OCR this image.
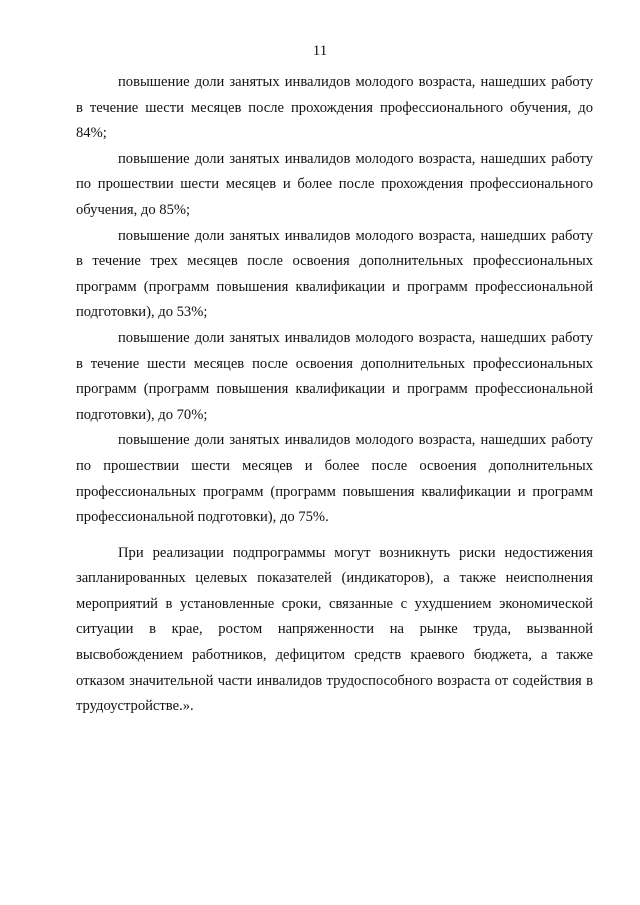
11

повышение доли занятых инвалидов молодого возраста, нашедших работу в течение шести месяцев после прохождения профессионального обучения, до 84%;

повышение доли занятых инвалидов молодого возраста, нашедших работу по прошествии шести месяцев и более после прохождения профессионального обучения, до 85%;

повышение доли занятых инвалидов молодого возраста, нашедших работу в течение трех месяцев после освоения дополнительных профессиональных программ (программ повышения квалификации и программ профессиональной подготовки), до 53%;

повышение доли занятых инвалидов молодого возраста, нашедших работу в течение шести месяцев после освоения дополнительных профессиональных программ (программ повышения квалификации и программ профессиональной подготовки), до 70%;

повышение доли занятых инвалидов молодого возраста, нашедших работу по прошествии шести месяцев и более после освоения дополнительных профессиональных программ (программ повышения квалификации и программ профессиональной подготовки), до 75%.

При реализации подпрограммы могут возникнуть риски недостижения запланированных целевых показателей (индикаторов), а также неисполнения мероприятий в установленные сроки, связанные с ухудшением экономической ситуации в крае, ростом напряженности на рынке труда, вызванной высвобождением работников, дефицитом средств краевого бюджета, а также отказом значительной части инвалидов трудоспособного возраста от содействия в трудоустройстве.».
